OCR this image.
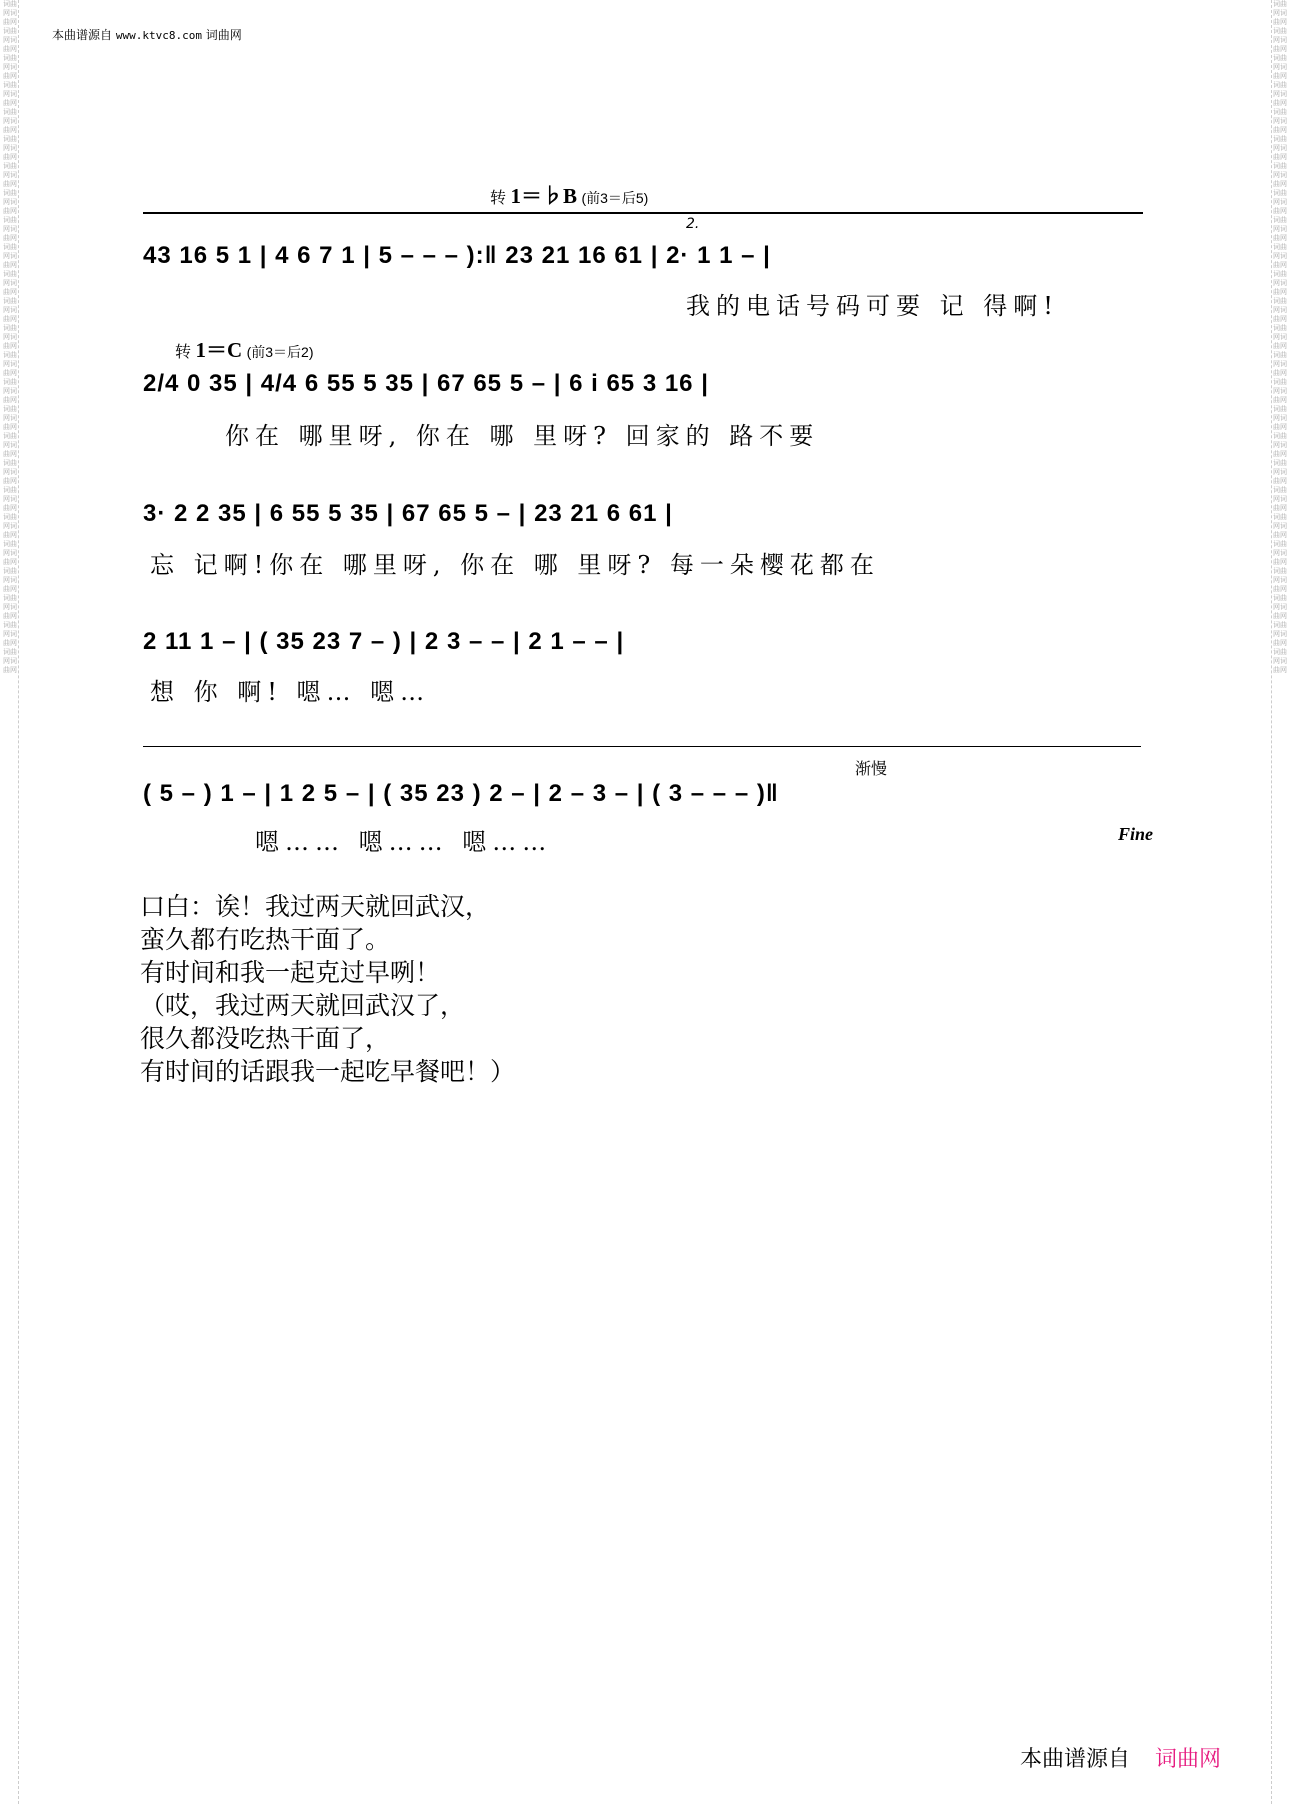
词曲网词曲网词曲网词曲网词曲网词曲网词曲网词曲网词曲网词曲网词曲网词曲网词曲网词曲网词曲网词曲网词曲网词曲网词曲网词曲网词曲网词曲网词曲网词曲网词曲网词曲网词曲网词曲网词曲网词曲网词曲网词曲网词曲网词曲网词曲网词曲网词曲网词曲网词曲网词曲网词曲网词曲网词曲网词曲网词曲网词曲网词曲网词曲网词曲网词曲网
词曲网词曲网词曲网词曲网词曲网词曲网词曲网词曲网词曲网词曲网词曲网词曲网词曲网词曲网词曲网词曲网词曲网词曲网词曲网词曲网词曲网词曲网词曲网词曲网词曲网词曲网词曲网词曲网词曲网词曲网词曲网词曲网词曲网词曲网词曲网词曲网词曲网词曲网词曲网词曲网词曲网词曲网词曲网词曲网词曲网词曲网词曲网词曲网词曲网词曲网
本曲谱源自 www.ktvc8.com 词曲网
转 1＝♭B (前3＝后5)
2.
43 16 5 1 | 4 6 7 1 | 5 – – – ):‖ 23 21 16 61 | 2· 1 1 – |
我的电话号码可要 记 得啊!
转 1＝C (前3＝后2)
2/4 0 35 | 4/4 6 55 5 35 | 67 65 5 – | 6 i 65 3 16 |
你在 哪里呀, 你在 哪 里呀? 回家的 路不要
3· 2 2 35 | 6 55 5 35 | 67 65 5 – | 23 21 6 61 |
忘 记啊!你在 哪里呀, 你在 哪 里呀? 每一朵樱花都在
2 11 1 – | ( 35 23 7 – ) | 2 3 – – | 2 1 – – |
想 你 啊! 嗯… 嗯…
渐慢
( 5 – ) 1 – | 1 2 5 – | ( 35 23 ) 2 – | 2 – 3 – | ( 3 – – – )‖
嗯…… 嗯…… 嗯……	Fine
口白：诶！我过两天就回武汉，
蛮久都冇吃热干面了。
有时间和我一起克过早咧！
（哎，我过两天就回武汉了，
很久都没吃热干面了，
有时间的话跟我一起吃早餐吧！）
本曲谱源自 词曲网
